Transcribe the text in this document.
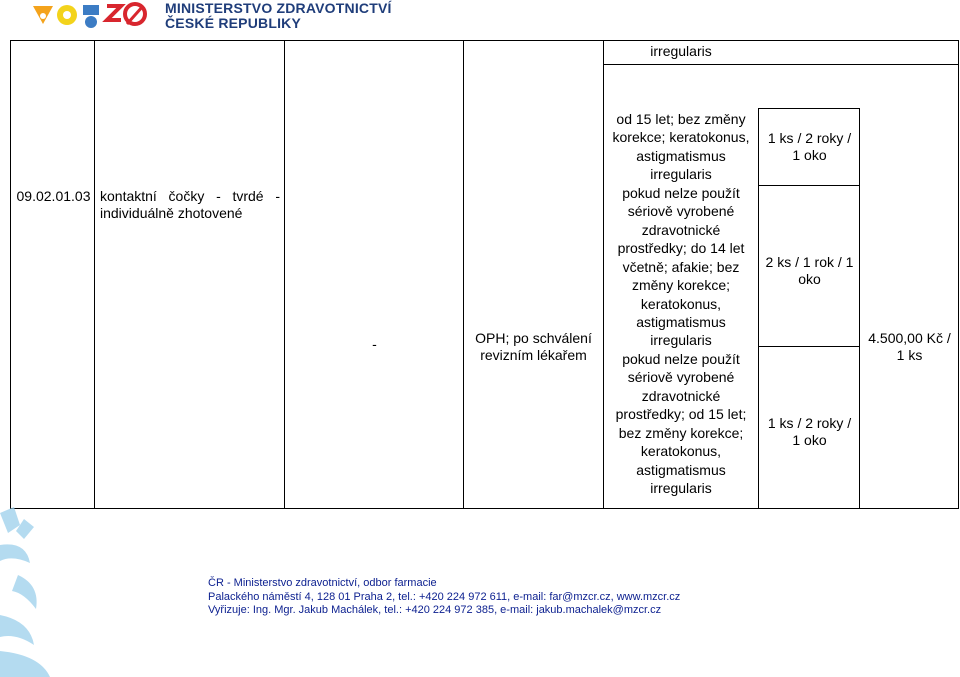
MINISTERSTVO ZDRAVOTNICTVÍ
ČESKÉ REPUBLIKY
irregularis
09.02.01.03 kontaktní čočky - tvrdé -
individuálně zhotovené
-	OPH; po schválení
revizním lékařem
od 15 let; bez změny
korekce; keratokonus,
astigmatismus
irregularis
pokud nelze použít
sériově vyrobené
zdravotnické
prostředky; do 14 let
včetně; afakie; bez
změny korekce;
keratokonus,
astigmatismus
irregularis
pokud nelze použít
sériově vyrobené
zdravotnické
prostředky; od 15 let;
bez změny korekce;
keratokonus,
astigmatismus
irregularis
1 ks / 2 roky /
1 oko
2 ks / 1 rok / 1
oko
1 ks / 2 roky /
1 oko
4.500,00 Kč /
1 ks
ČR - Ministerstvo zdravotnictví, odbor farmacie
Palackého náměstí 4, 128 01 Praha 2, tel.: +420 224 972 611, e-mail: far@mzcr.cz, www.mzcr.cz
Vyřizuje: Ing. Mgr. Jakub Machálek, tel.: +420 224 972 385, e-mail: jakub.machalek@mzcr.cz
